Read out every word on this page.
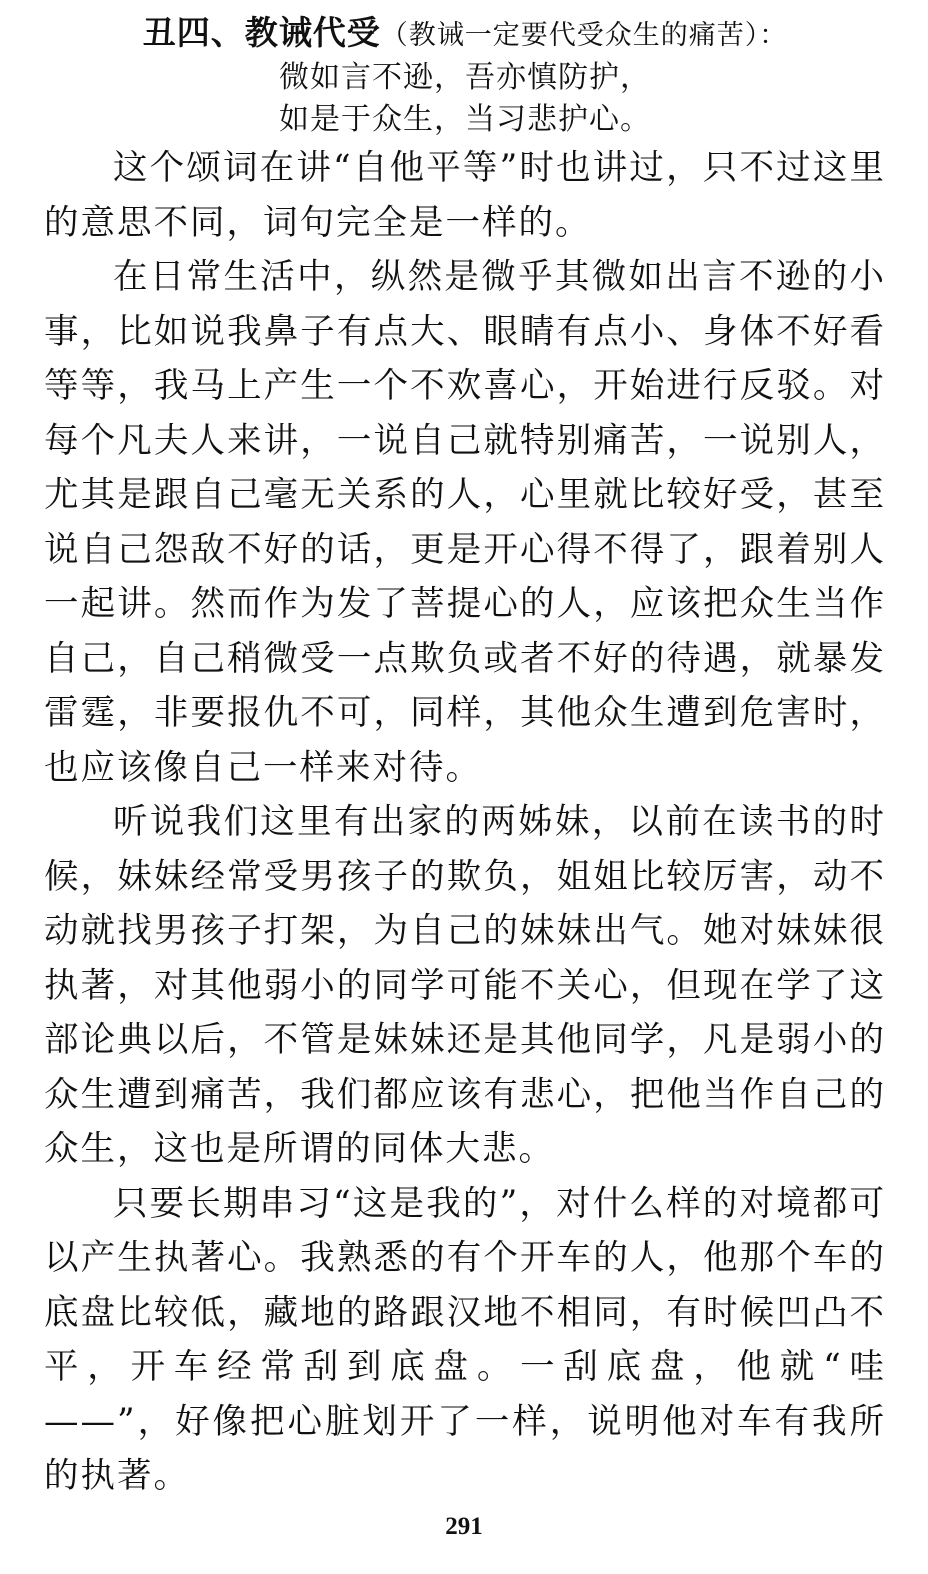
丑四、教诫代受（教诫一定要代受众生的痛苦）：
微如言不逊，吾亦慎防护，
如是于众生，当习悲护心。

这个颂词在讲“自他平等”时也讲过，只不过这里的意思不同，词句完全是一样的。

在日常生活中，纵然是微乎其微如出言不逊的小事，比如说我鼻子有点大、眼睛有点小、身体不好看等等，我马上产生一个不欢喜心，开始进行反驳。对每个凡夫人来讲，一说自己就特别痛苦，一说别人，尤其是跟自己毫无关系的人，心里就比较好受，甚至说自己怨敌不好的话，更是开心得不得了，跟着别人一起讲。然而作为发了菩提心的人，应该把众生当作自己，自己稍微受一点欺负或者不好的待遇，就暴发雷霆，非要报仇不可，同样，其他众生遭到危害时，也应该像自己一样来对待。

听说我们这里有出家的两姊妹，以前在读书的时候，妹妹经常受男孩子的欺负，姐姐比较厉害，动不动就找男孩子打架，为自己的妹妹出气。她对妹妹很执著，对其他弱小的同学可能不关心，但现在学了这部论典以后，不管是妹妹还是其他同学，凡是弱小的众生遭到痛苦，我们都应该有悲心，把他当作自己的众生，这也是所谓的同体大悲。

只要长期串习“这是我的”，对什么样的对境都可以产生执著心。我熟悉的有个开车的人，他那个车的底盘比较低，藏地的路跟汉地不相同，有时候凹凸不平，开车经常刮到底盘。一刮底盘，他就“哇——”，好像把心脏划开了一样，说明他对车有我所的执著。

291
